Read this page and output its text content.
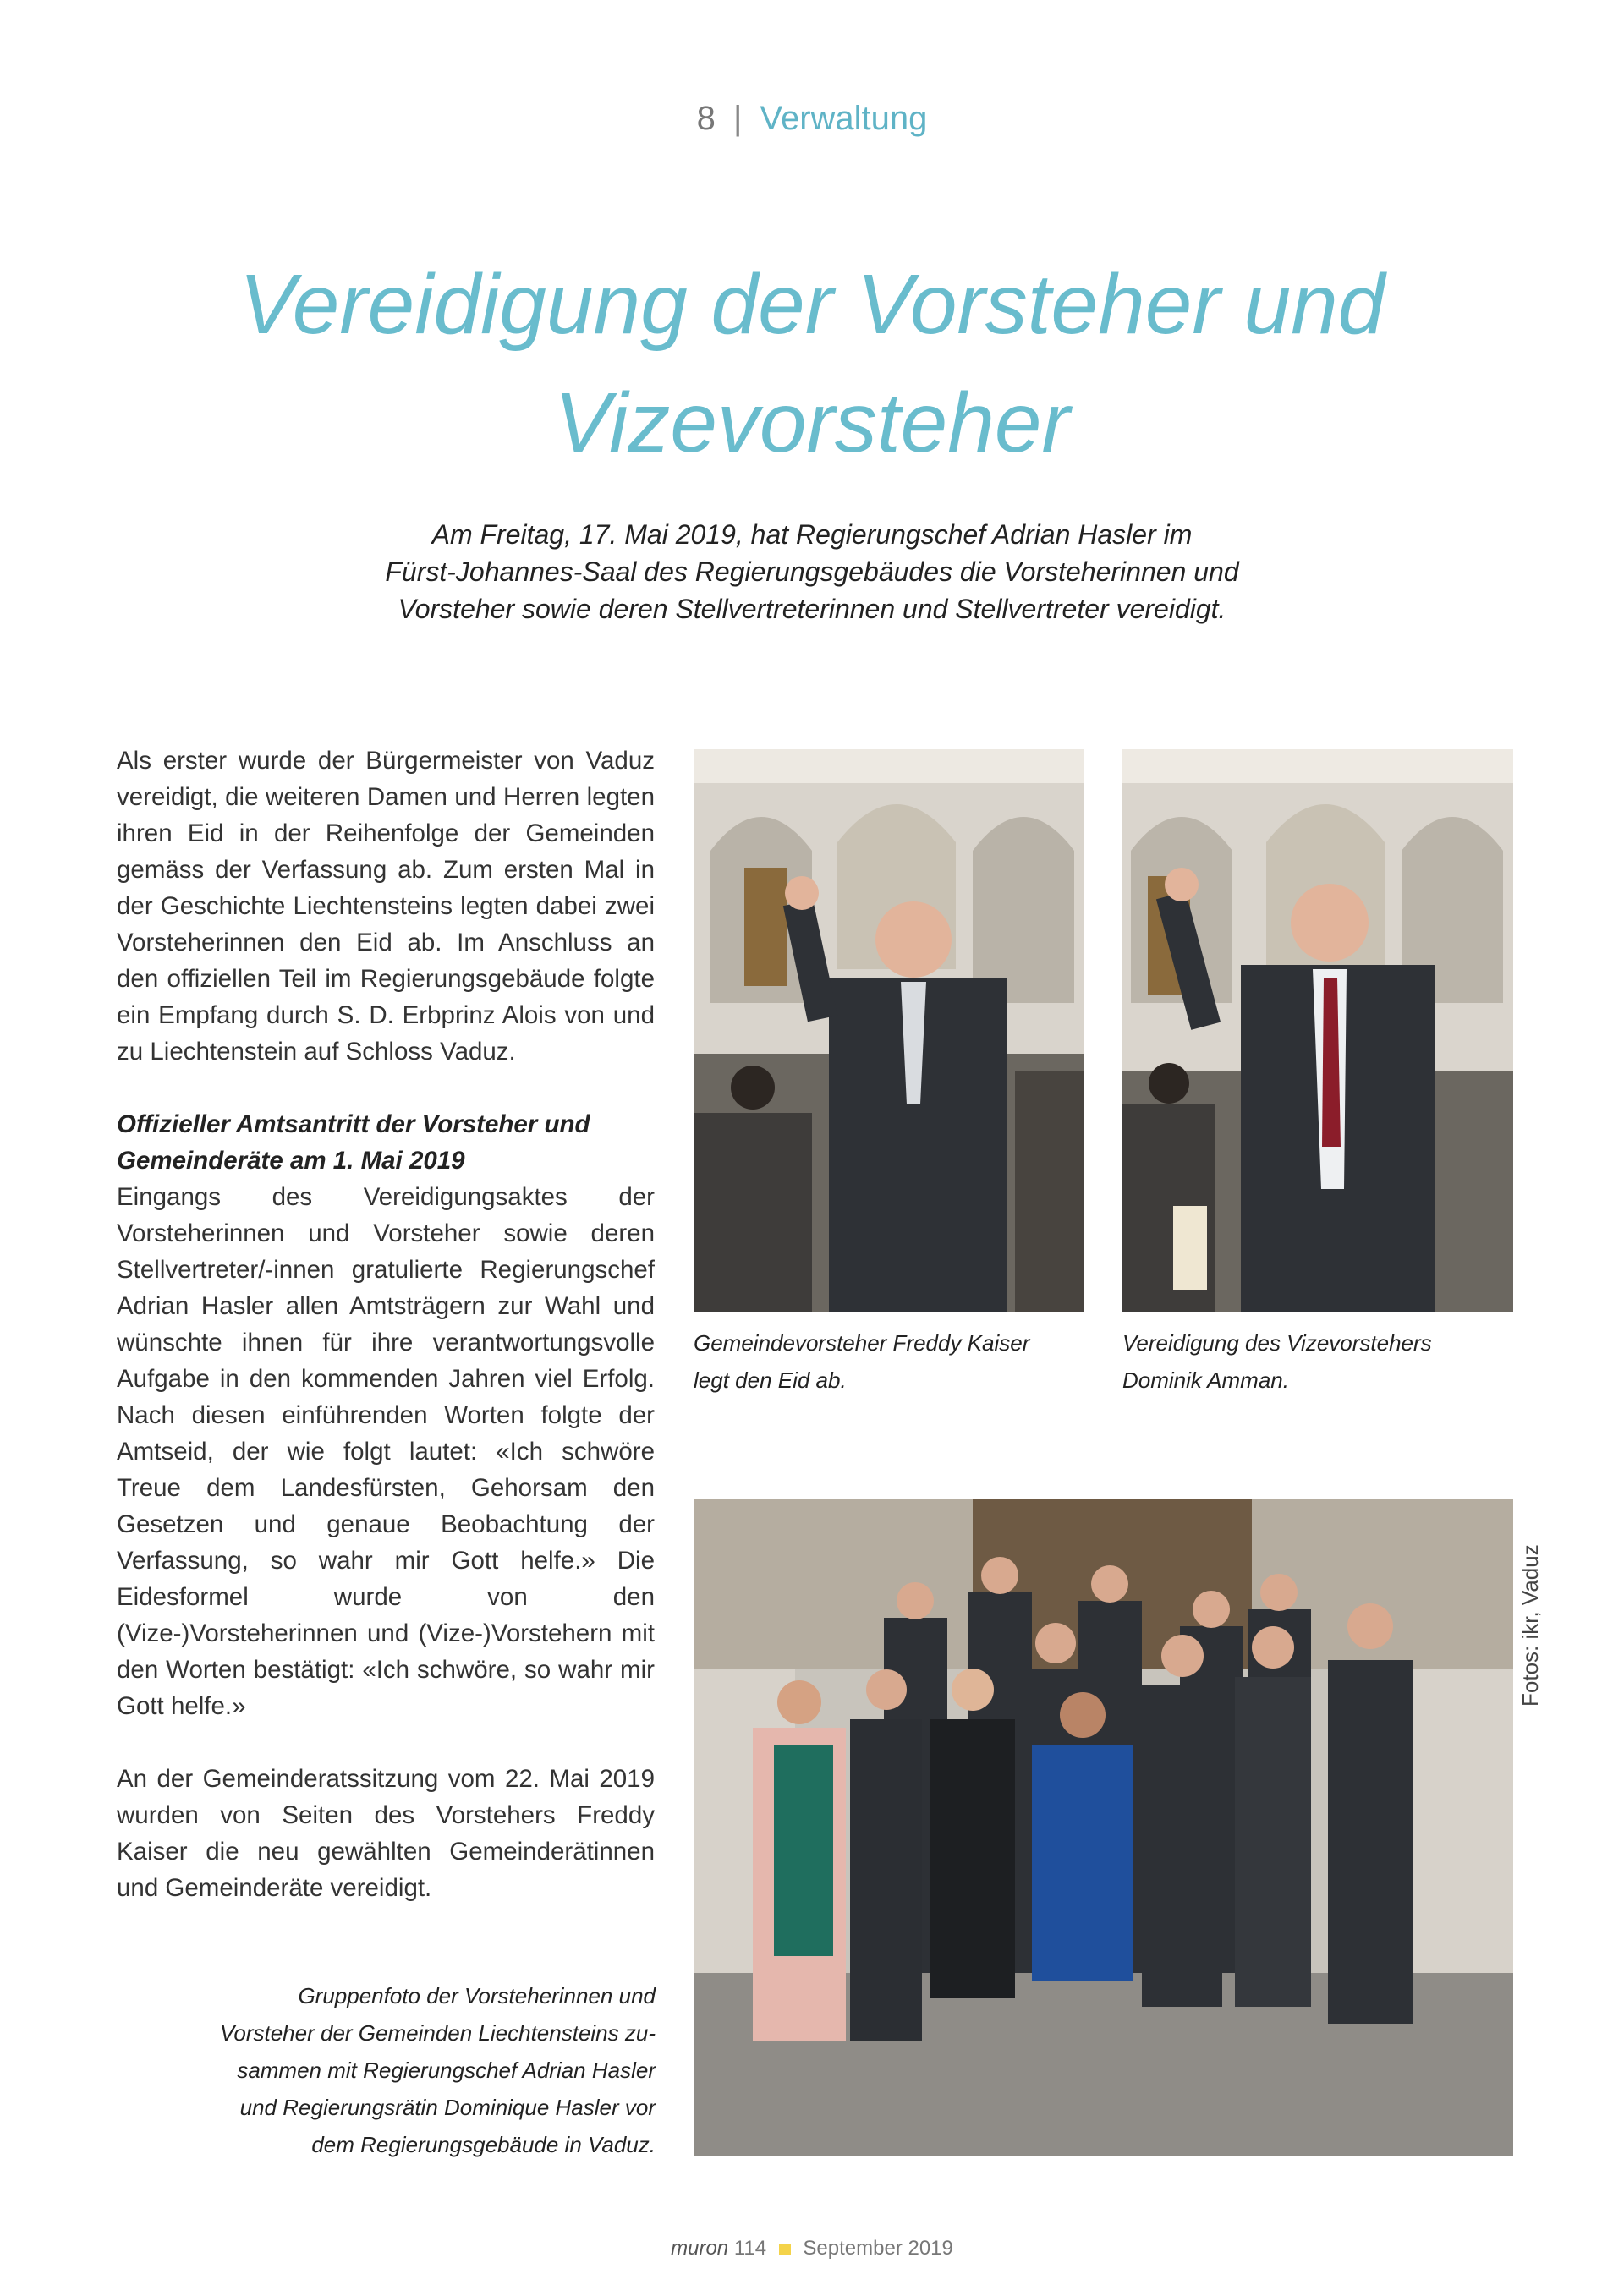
8 | Verwaltung
Vereidigung der Vorsteher und
Vizevorsteher
Am Freitag, 17. Mai 2019, hat Regierungschef Adrian Hasler im
Fürst-Johannes-Saal des Regierungsgebäudes die Vorsteherinnen und
Vorsteher sowie deren Stellvertreterinnen und Stellvertreter vereidigt.

Als erster wurde der Bürgermeister von Vaduz vereidigt, die weiteren Damen und Herren legten ihren Eid in der Reihenfolge der Gemeinden gemäss der Verfassung ab. Zum ersten Mal in der Geschichte Liechtensteins legten dabei zwei Vorsteherinnen den Eid ab. Im Anschluss an den offiziellen Teil im Regierungsgebäude folgte ein Empfang durch S. D. Erbprinz Alois von und zu Liechtenstein auf Schloss Vaduz.

Offizieller Amtsantritt der Vorsteher und
Gemeinderäte am 1. Mai 2019

Eingangs des Vereidigungsaktes der Vorsteherinnen und Vorsteher sowie deren Stellvertreter/-innen gratulierte Regierungschef Adrian Hasler allen Amtsträgern zur Wahl und wünschte ihnen für ihre verantwortungsvolle Aufgabe in den kommenden Jahren viel Erfolg. Nach diesen einführenden Worten folgte der Amtseid, der wie folgt lautet: «Ich schwöre Treue dem Landesfürsten, Gehorsam den Gesetzen und genaue Beobachtung der Verfassung, so wahr mir Gott helfe.» Die Eidesformel wurde von den (Vize-)Vorsteherinnen und (Vize-)Vorstehern mit den Worten bestätigt: «Ich schwöre, so wahr mir Gott helfe.»

An der Gemeinderatssitzung vom 22. Mai 2019 wurden von Seiten des Vorstehers Freddy Kaiser die neu gewählten Gemeinderätinnen und Gemeinderäte vereidigt.

Gemeindevorsteher Freddy Kaiser
legt den Eid ab.
Vereidigung des Vizevorstehers
Dominik Amman.
Fotos: ikr, Vaduz
Gruppenfoto der Vorsteherinnen und
Vorsteher der Gemeinden Liechtensteins zu-
sammen mit Regierungschef Adrian Hasler
und Regierungsrätin Dominique Hasler vor
dem Regierungsgebäude in Vaduz.
muron 114 September 2019
